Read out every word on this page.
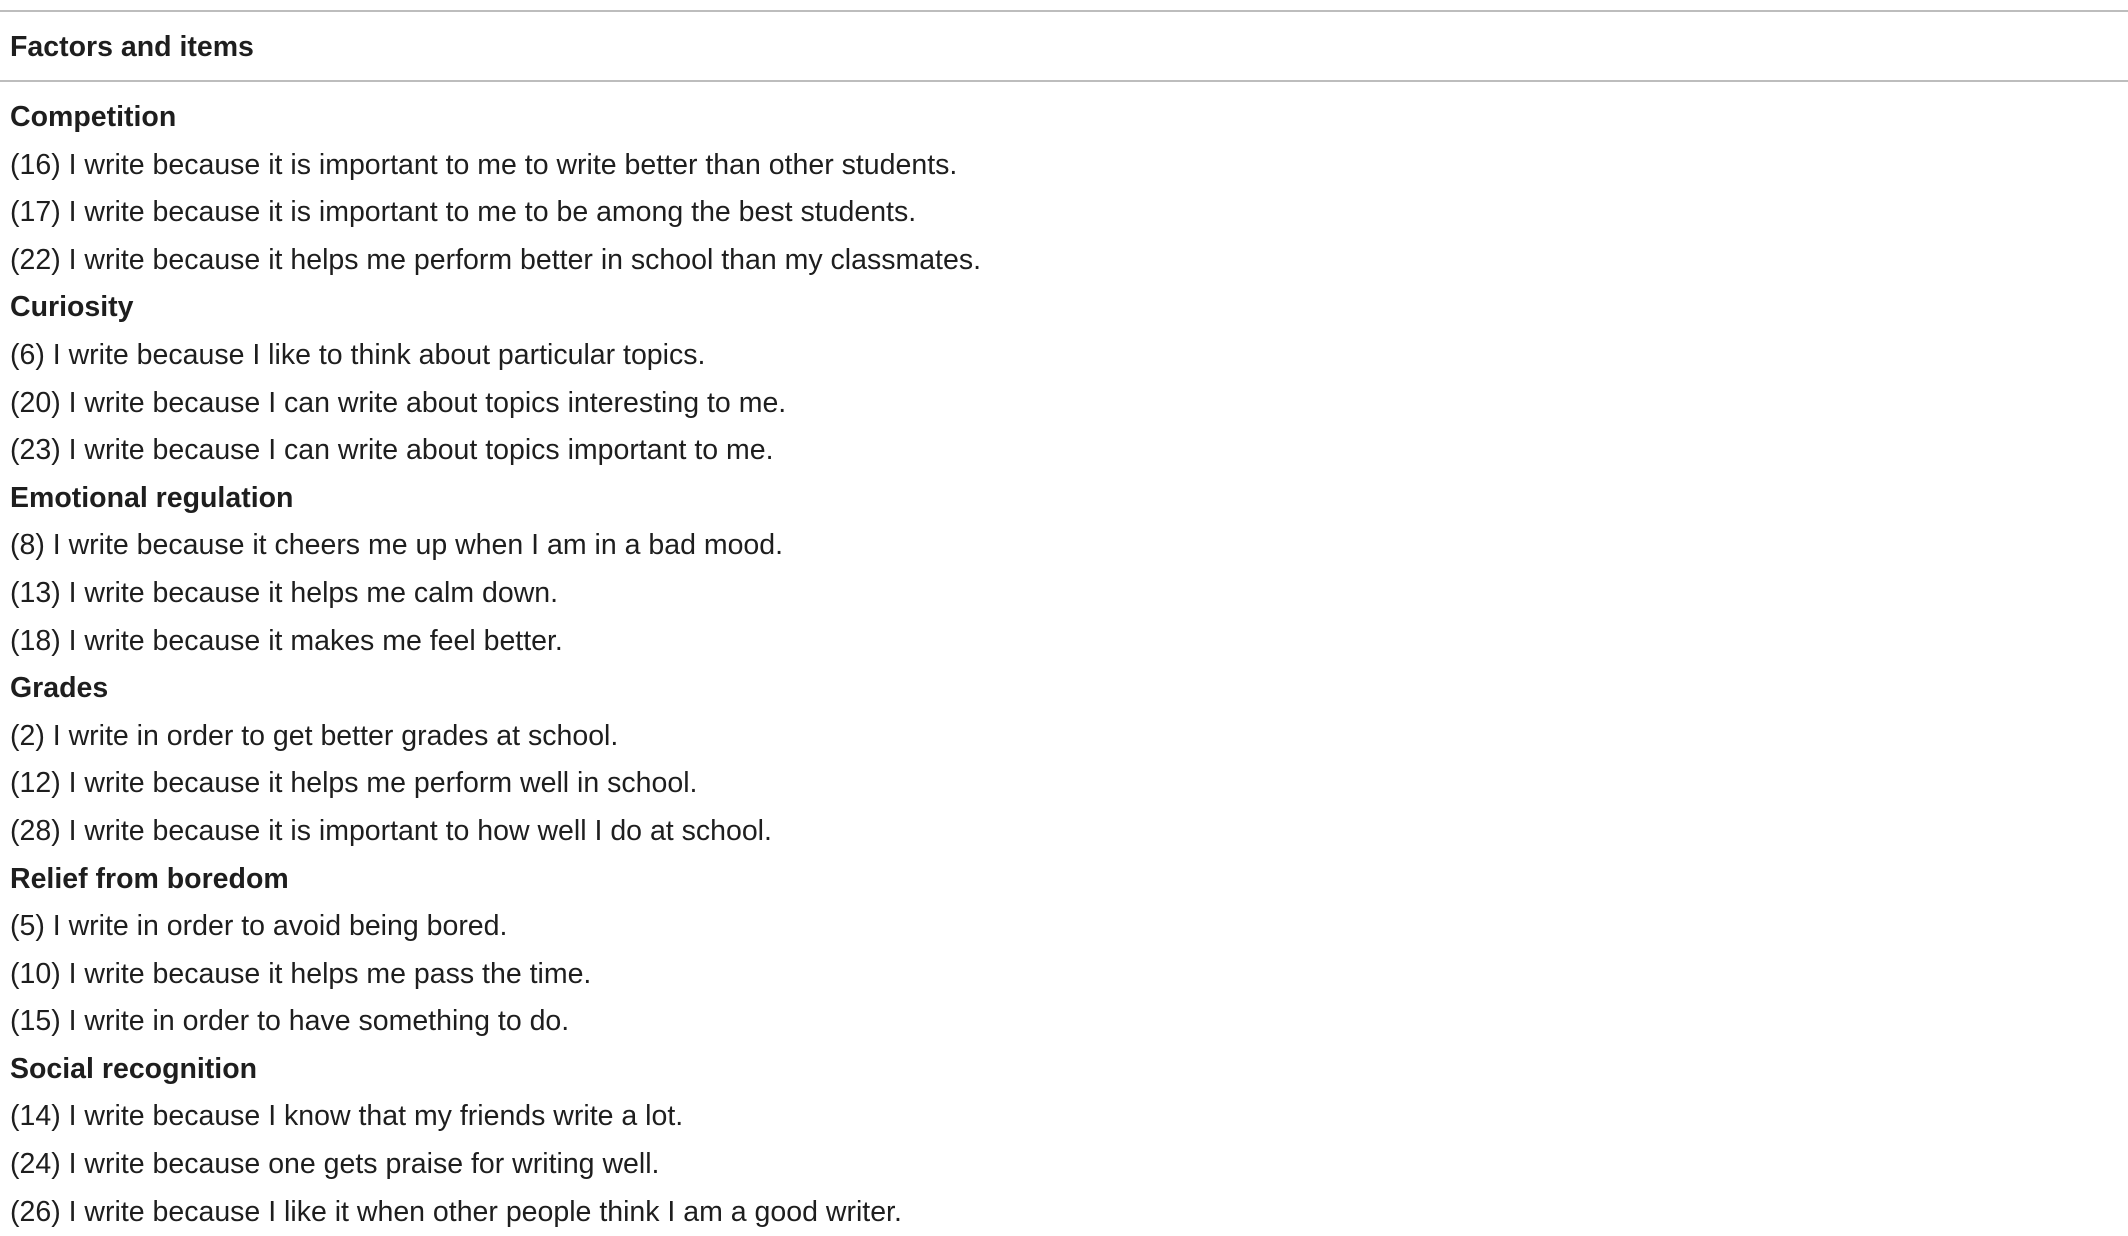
Factors and items
Competition
(16) I write because it is important to me to write better than other students.
(17) I write because it is important to me to be among the best students.
(22) I write because it helps me perform better in school than my classmates.
Curiosity
(6) I write because I like to think about particular topics.
(20) I write because I can write about topics interesting to me.
(23) I write because I can write about topics important to me.
Emotional regulation
(8) I write because it cheers me up when I am in a bad mood.
(13) I write because it helps me calm down.
(18) I write because it makes me feel better.
Grades
(2) I write in order to get better grades at school.
(12) I write because it helps me perform well in school.
(28) I write because it is important to how well I do at school.
Relief from boredom
(5) I write in order to avoid being bored.
(10) I write because it helps me pass the time.
(15) I write in order to have something to do.
Social recognition
(14) I write because I know that my friends write a lot.
(24) I write because one gets praise for writing well.
(26) I write because I like it when other people think I am a good writer.
